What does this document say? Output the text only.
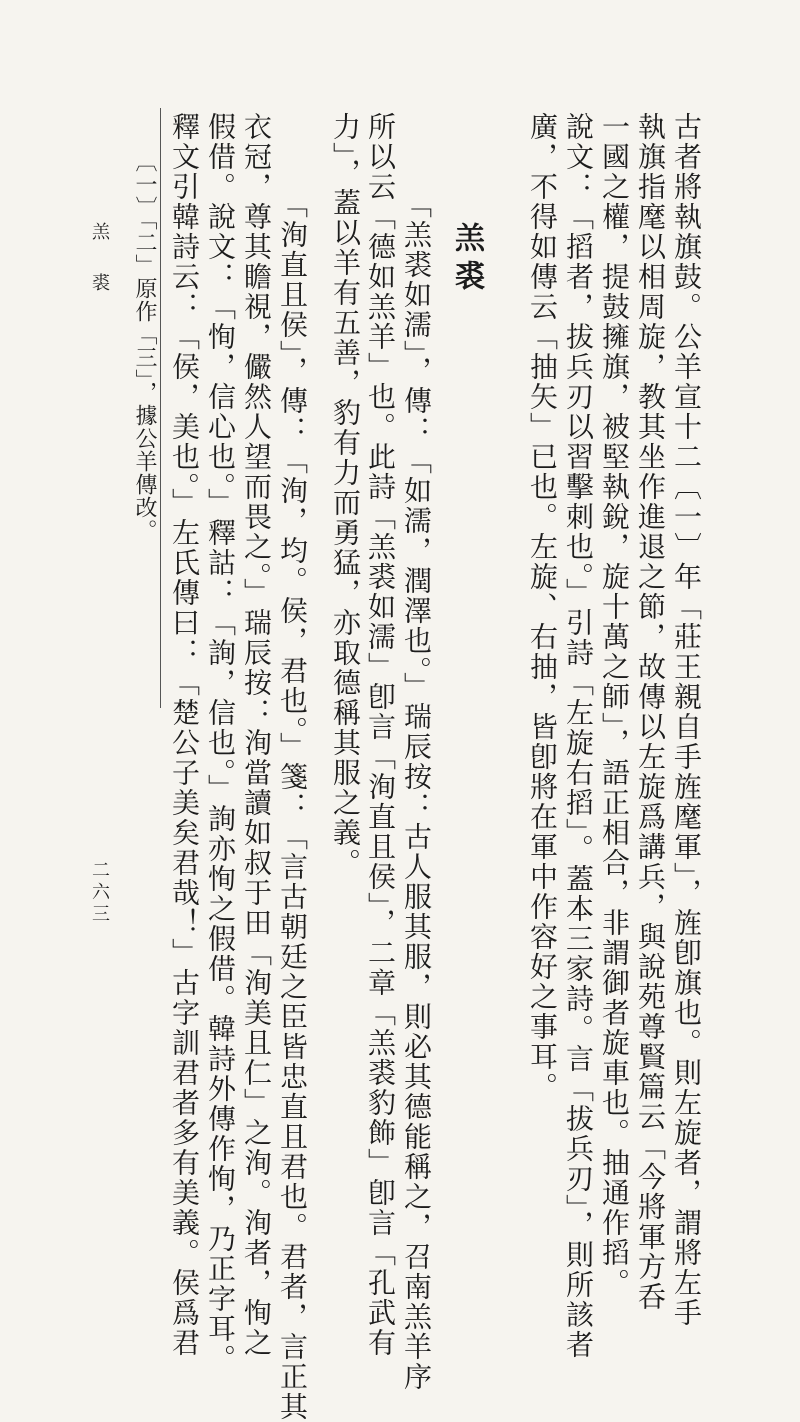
羔 裘
二六三
羔裘
〔一〕「二」原作「三」，據公羊傳改。 釋文引韓詩云：「侯，美也。」左氏傳曰：「楚公子美矣君哉！」古字訓君者多有美義。侯爲君 假借。說文：「恂，信心也。」釋詁：「詢，信也。」詢亦恂之假借。韓詩外傳作恂，乃正字耳。 衣冠，尊其瞻視，儼然人望而畏之。」瑞辰按：洵當讀如叔于田「洵美且仁」之洵。洵者，恂之 「洵直且侯」，傳：「洵，均。侯，君也。」箋：「言古朝廷之臣皆忠直且君也。君者，言正其 力」，蓋以羊有五善，豹有力而勇猛，亦取德稱其服之義。 所以云「德如羔羊」也。此詩「羔裘如濡」卽言「洵直且侯」，二章「羔裘豹飾」卽言「孔武有 「羔裘如濡」，傳：「如濡，潤澤也。」瑞辰按：古人服其服，則必其德能稱之，召南羔羊序	廣，不得如傳云「抽矢」已也。左旋、右抽，皆卽將在軍中作容好之事耳。 說文：「搯者，拔兵刃以習擊刺也。」引詩「左旋右搯」。蓋本三家詩。言「拔兵刃」，則所該者 一國之權，提鼓擁旗，被堅執銳，旋十萬之師」，語正相合，非謂御者旋車也。抽通作搯。 執旗指麾以相周旋，教其坐作進退之節，故傳以左旋爲講兵，與說苑尊賢篇云「今將軍方呑 古者將執旗鼓。公羊宣十二〔一〕年「莊王親自手旌麾軍」，旌卽旗也。則左旋者，謂將左手
